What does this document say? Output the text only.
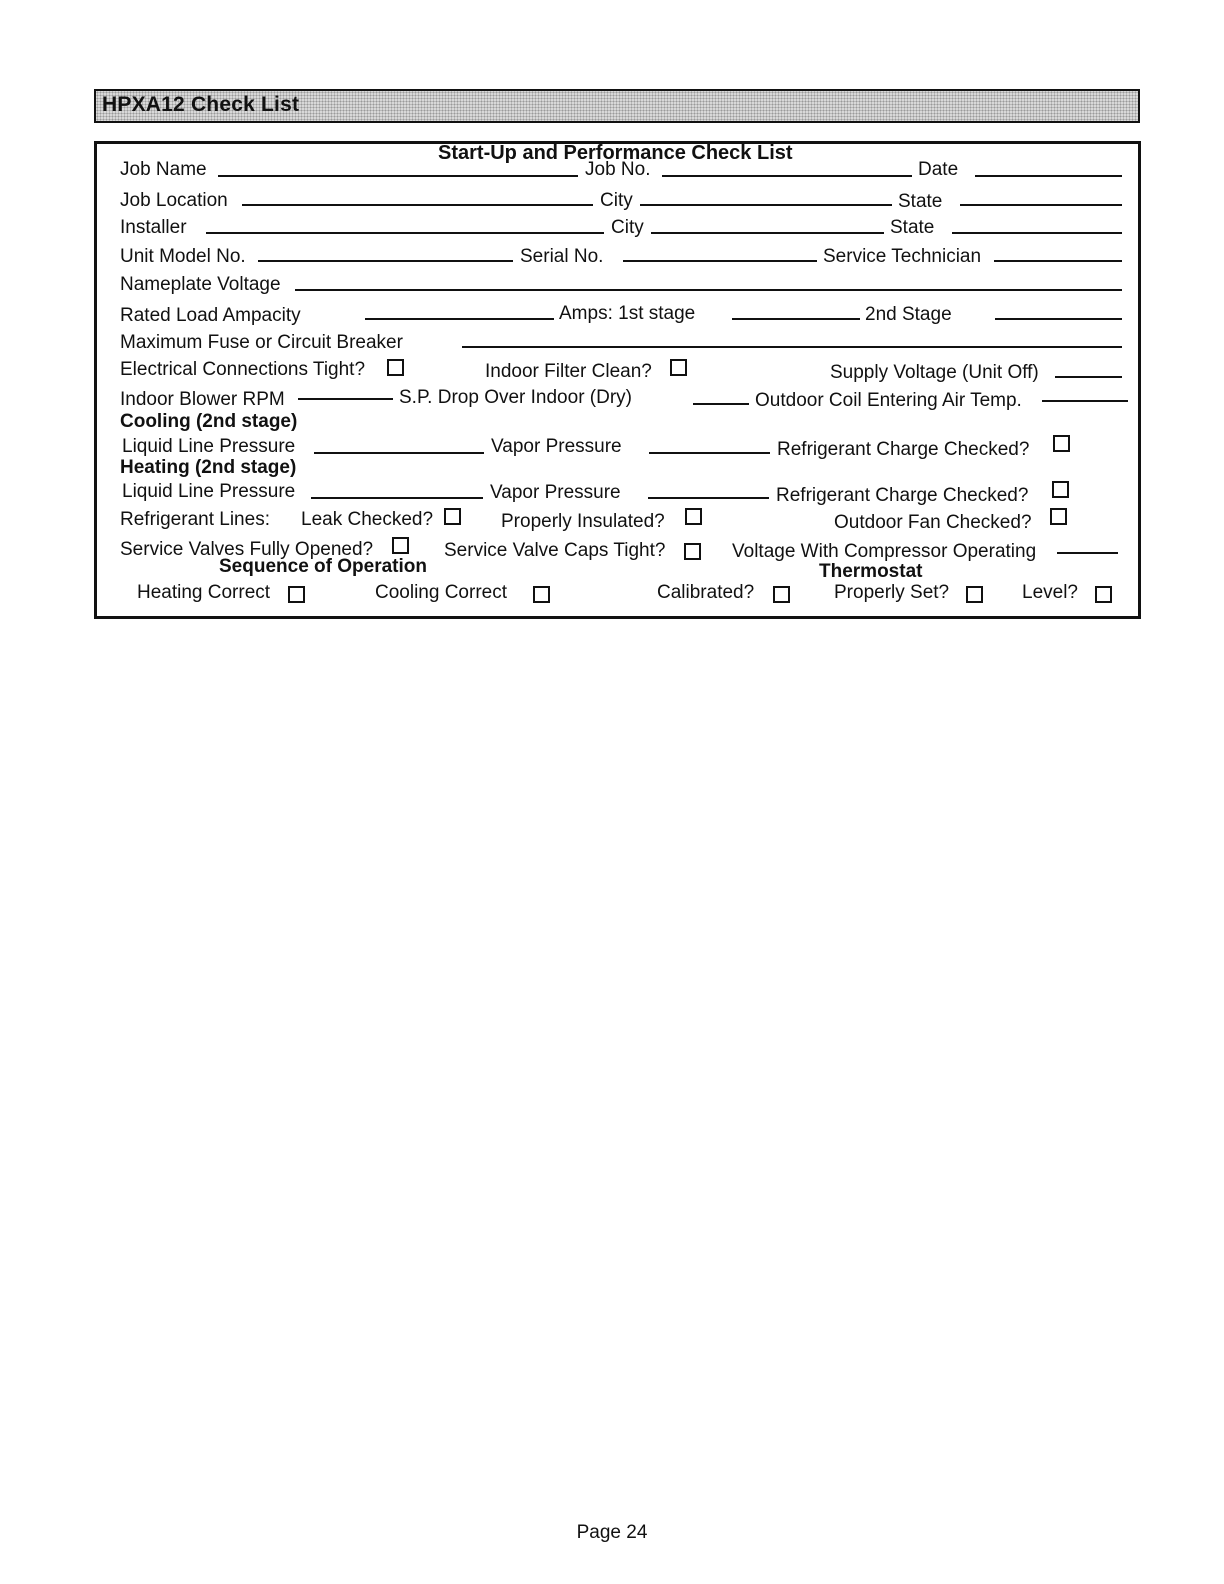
HPXA12 Check List
Start-Up and Performance Check List
Job Name	Job No.	Date
Job Location	City	State
Installer	City	State
Unit Model No.	Serial No.	Service Technician
Nameplate Voltage
Rated Load Ampacity	Amps: 1st stage	2nd Stage
Maximum Fuse or Circuit Breaker
Electrical Connections Tight?	Indoor Filter Clean?	Supply Voltage (Unit Off)
Indoor Blower RPM	S.P. Drop Over Indoor (Dry)	Outdoor Coil Entering Air Temp.
Cooling (2nd stage)
Liquid Line Pressure	Vapor Pressure	Refrigerant Charge Checked?
Heating (2nd stage)
Liquid Line Pressure	Vapor Pressure	Refrigerant Charge Checked?
Refrigerant Lines: Leak Checked?	Properly Insulated?	Outdoor Fan Checked?
Service Valves Fully Opened?	Service Valve Caps Tight?	Voltage With Compressor Operating
Sequence of Operation	Thermostat
Heating Correct	Cooling Correct	Calibrated?	Properly Set?	Level?
Page 24
